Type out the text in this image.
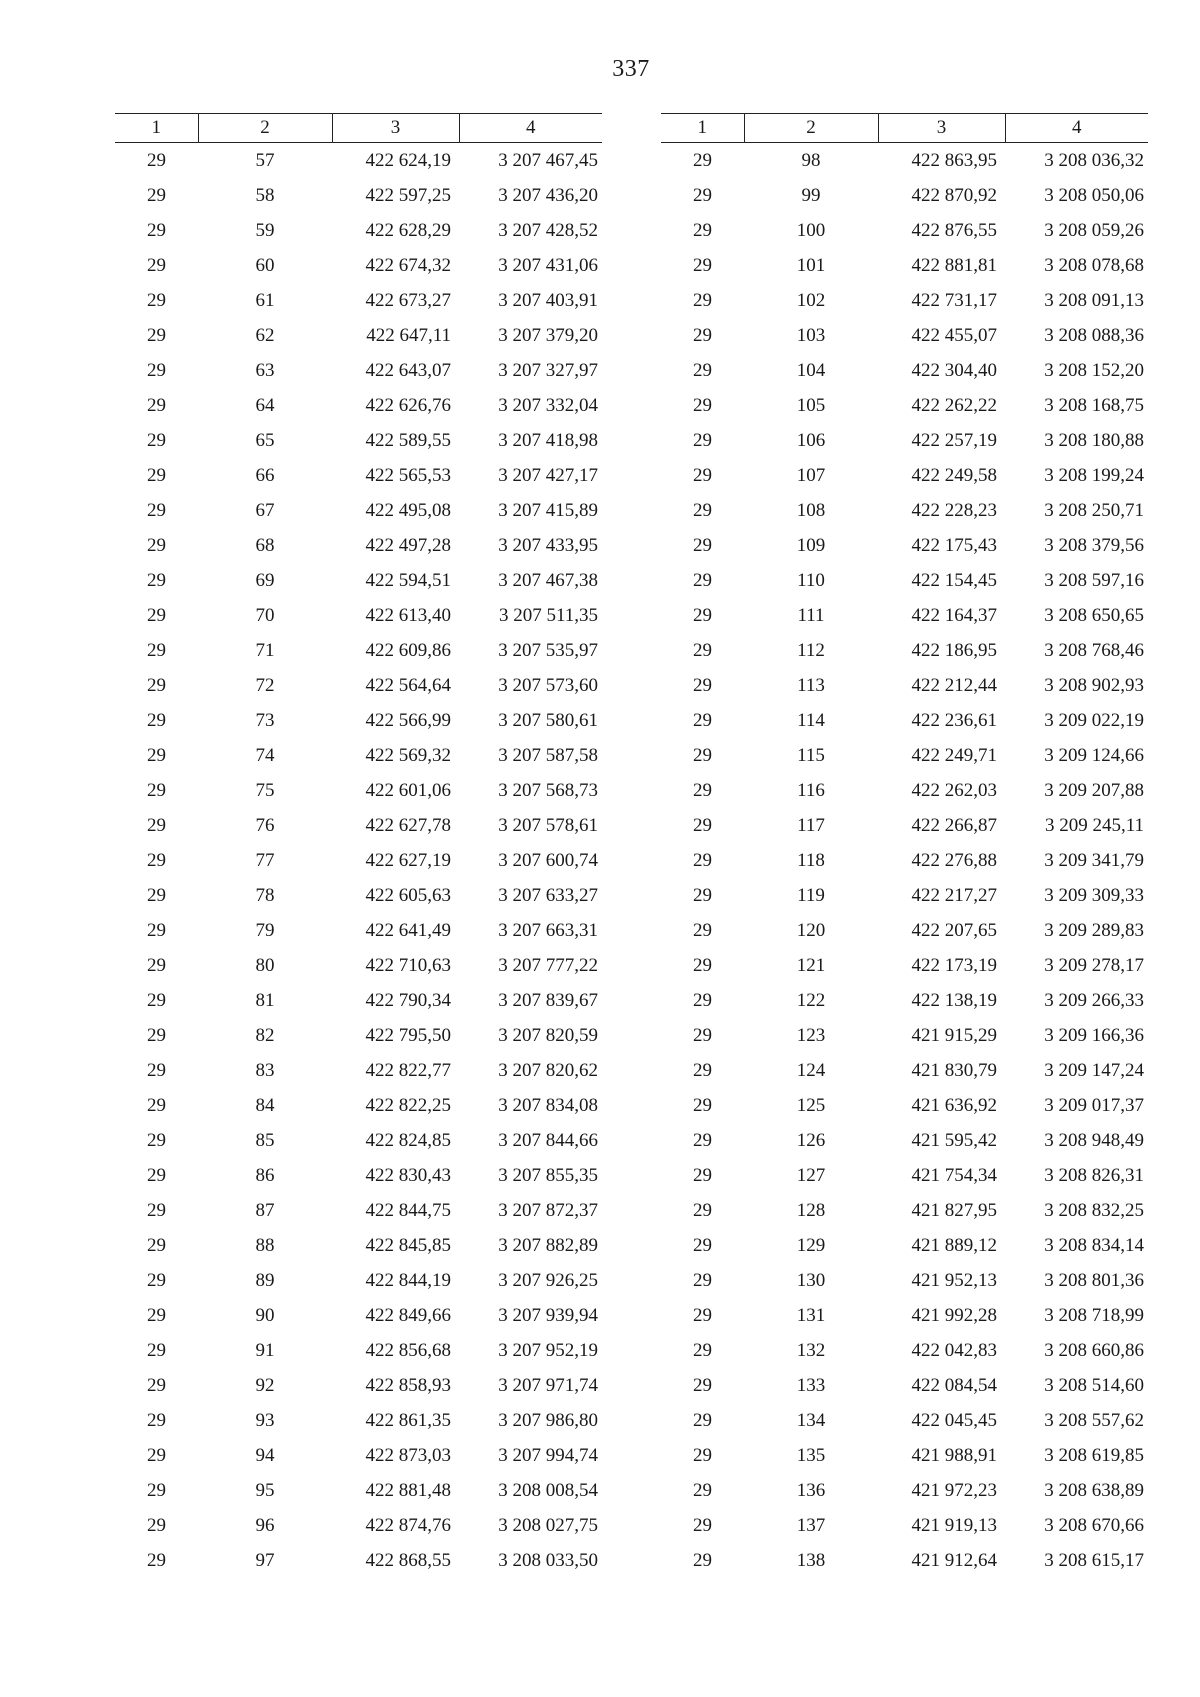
337
1	2	3	4
29	57	422 624,19	3 207 467,45
29	58	422 597,25	3 207 436,20
29	59	422 628,29	3 207 428,52
29	60	422 674,32	3 207 431,06
29	61	422 673,27	3 207 403,91
29	62	422 647,11	3 207 379,20
29	63	422 643,07	3 207 327,97
29	64	422 626,76	3 207 332,04
29	65	422 589,55	3 207 418,98
29	66	422 565,53	3 207 427,17
29	67	422 495,08	3 207 415,89
29	68	422 497,28	3 207 433,95
29	69	422 594,51	3 207 467,38
29	70	422 613,40	3 207 511,35
29	71	422 609,86	3 207 535,97
29	72	422 564,64	3 207 573,60
29	73	422 566,99	3 207 580,61
29	74	422 569,32	3 207 587,58
29	75	422 601,06	3 207 568,73
29	76	422 627,78	3 207 578,61
29	77	422 627,19	3 207 600,74
29	78	422 605,63	3 207 633,27
29	79	422 641,49	3 207 663,31
29	80	422 710,63	3 207 777,22
29	81	422 790,34	3 207 839,67
29	82	422 795,50	3 207 820,59
29	83	422 822,77	3 207 820,62
29	84	422 822,25	3 207 834,08
29	85	422 824,85	3 207 844,66
29	86	422 830,43	3 207 855,35
29	87	422 844,75	3 207 872,37
29	88	422 845,85	3 207 882,89
29	89	422 844,19	3 207 926,25
29	90	422 849,66	3 207 939,94
29	91	422 856,68	3 207 952,19
29	92	422 858,93	3 207 971,74
29	93	422 861,35	3 207 986,80
29	94	422 873,03	3 207 994,74
29	95	422 881,48	3 208 008,54
29	96	422 874,76	3 208 027,75
29	97	422 868,55	3 208 033,50
1	2	3	4
29	98	422 863,95	3 208 036,32
29	99	422 870,92	3 208 050,06
29	100	422 876,55	3 208 059,26
29	101	422 881,81	3 208 078,68
29	102	422 731,17	3 208 091,13
29	103	422 455,07	3 208 088,36
29	104	422 304,40	3 208 152,20
29	105	422 262,22	3 208 168,75
29	106	422 257,19	3 208 180,88
29	107	422 249,58	3 208 199,24
29	108	422 228,23	3 208 250,71
29	109	422 175,43	3 208 379,56
29	110	422 154,45	3 208 597,16
29	111	422 164,37	3 208 650,65
29	112	422 186,95	3 208 768,46
29	113	422 212,44	3 208 902,93
29	114	422 236,61	3 209 022,19
29	115	422 249,71	3 209 124,66
29	116	422 262,03	3 209 207,88
29	117	422 266,87	3 209 245,11
29	118	422 276,88	3 209 341,79
29	119	422 217,27	3 209 309,33
29	120	422 207,65	3 209 289,83
29	121	422 173,19	3 209 278,17
29	122	422 138,19	3 209 266,33
29	123	421 915,29	3 209 166,36
29	124	421 830,79	3 209 147,24
29	125	421 636,92	3 209 017,37
29	126	421 595,42	3 208 948,49
29	127	421 754,34	3 208 826,31
29	128	421 827,95	3 208 832,25
29	129	421 889,12	3 208 834,14
29	130	421 952,13	3 208 801,36
29	131	421 992,28	3 208 718,99
29	132	422 042,83	3 208 660,86
29	133	422 084,54	3 208 514,60
29	134	422 045,45	3 208 557,62
29	135	421 988,91	3 208 619,85
29	136	421 972,23	3 208 638,89
29	137	421 919,13	3 208 670,66
29	138	421 912,64	3 208 615,17
